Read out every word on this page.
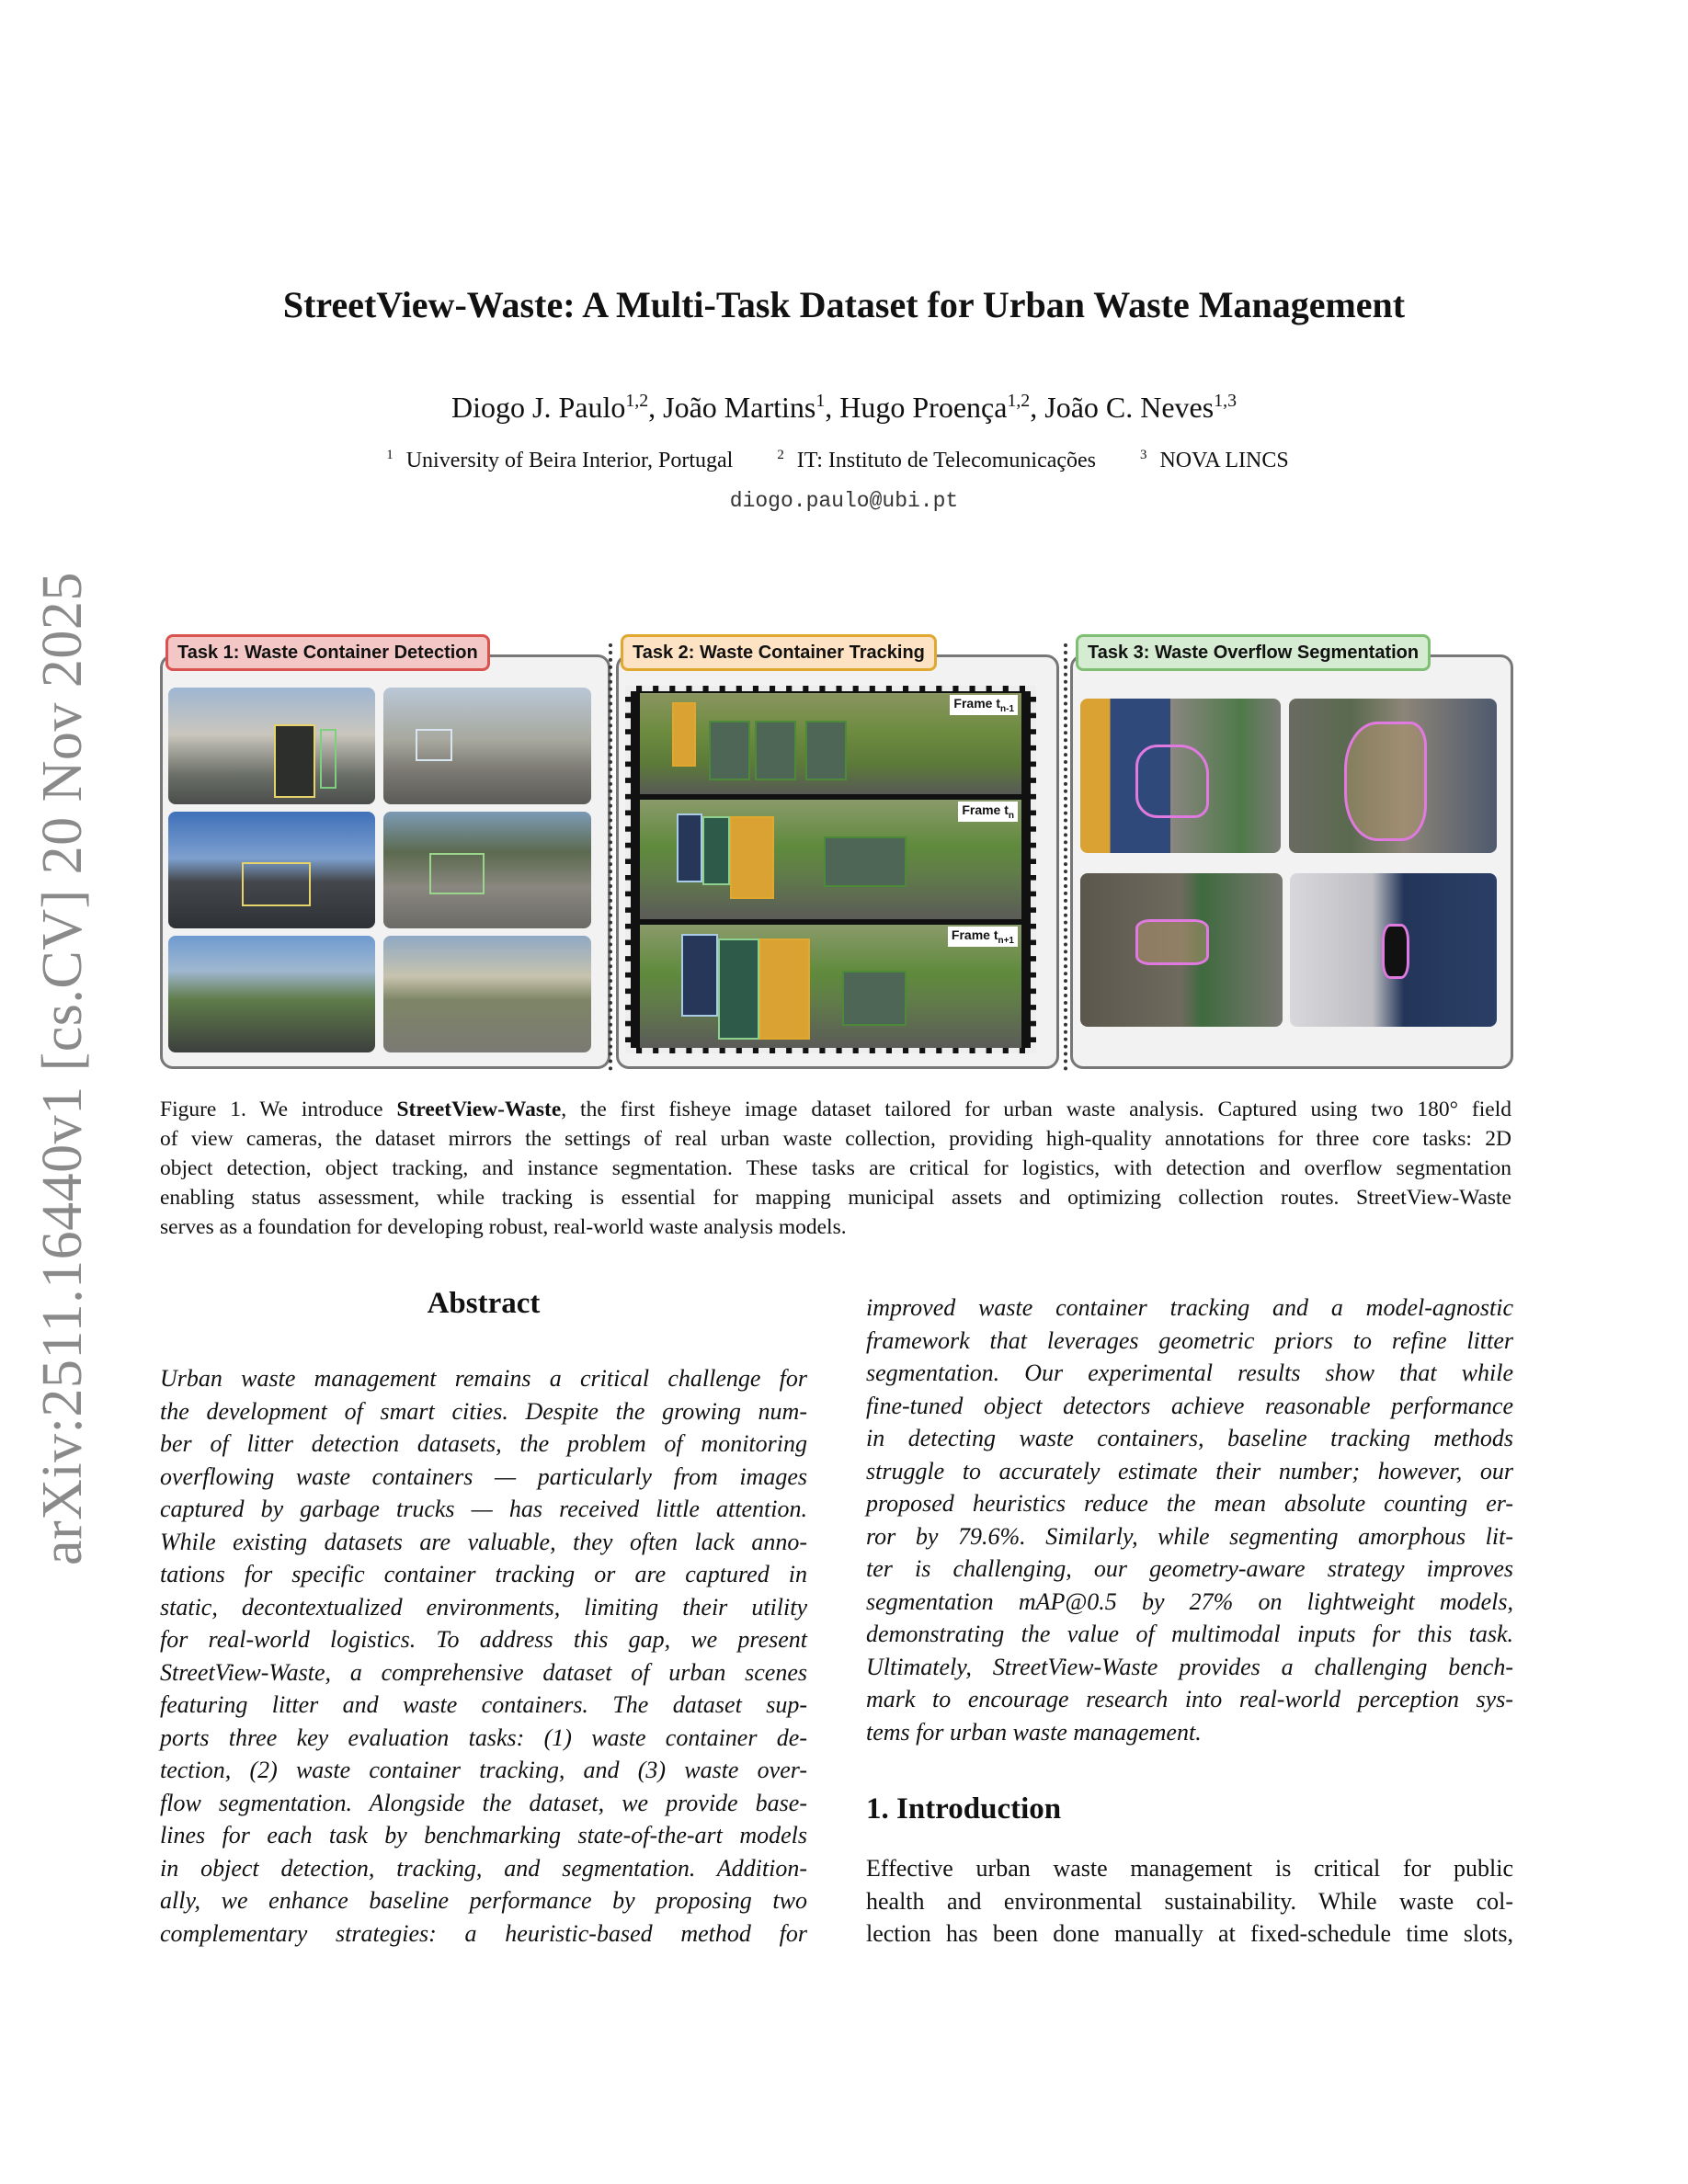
arXiv:2511.16440v1 [cs.CV] 20 Nov 2025
StreetView-Waste: A Multi-Task Dataset for Urban Waste Management
Diogo J. Paulo$^{1,2}$, João Martins$^1$, Hugo Proença$^{1,2}$, João C. Neves$^{1,3}$
$^1$ University of Beira Interior, Portugal	$^2$ IT: Instituto de Telecomunicações	$^3$ NOVA LINCS
diogo.paulo@ubi.pt
Task 1: Waste Container Detection	Task 2: Waste Container Tracking	Task 3: Waste Overflow Segmentation
Frame $t_{n-1}$
Frame $t_n$
Frame $t_{n+1}$
Figure 1. We introduce StreetView-Waste, the first fisheye image dataset tailored for urban waste analysis. Captured using two 180° field
of view cameras, the dataset mirrors the settings of real urban waste collection, providing high-quality annotations for three core tasks: 2D
object detection, object tracking, and instance segmentation. These tasks are critical for logistics, with detection and overflow segmentation
enabling status assessment, while tracking is essential for mapping municipal assets and optimizing collection routes. StreetView-Waste
serves as a foundation for developing robust, real-world waste analysis models.
Abstract
Urban waste management remains a critical challenge for
the development of smart cities. Despite the growing num-
ber of litter detection datasets, the problem of monitoring
overflowing waste containers — particularly from images
captured by garbage trucks — has received little attention.
While existing datasets are valuable, they often lack anno-
tations for specific container tracking or are captured in
static, decontextualized environments, limiting their utility
for real-world logistics. To address this gap, we present
StreetView-Waste, a comprehensive dataset of urban scenes
featuring litter and waste containers. The dataset sup-
ports three key evaluation tasks: (1) waste container de-
tection, (2) waste container tracking, and (3) waste over-
flow segmentation. Alongside the dataset, we provide base-
lines for each task by benchmarking state-of-the-art models
in object detection, tracking, and segmentation. Addition-
ally, we enhance baseline performance by proposing two
complementary strategies: a heuristic-based method for
improved waste container tracking and a model-agnostic
framework that leverages geometric priors to refine litter
segmentation. Our experimental results show that while
fine-tuned object detectors achieve reasonable performance
in detecting waste containers, baseline tracking methods
struggle to accurately estimate their number; however, our
proposed heuristics reduce the mean absolute counting er-
ror by 79.6%. Similarly, while segmenting amorphous lit-
ter is challenging, our geometry-aware strategy improves
segmentation mAP@0.5 by 27% on lightweight models,
demonstrating the value of multimodal inputs for this task.
Ultimately, StreetView-Waste provides a challenging bench-
mark to encourage research into real-world perception sys-
tems for urban waste management.
1. Introduction
Effective urban waste management is critical for public
health and environmental sustainability. While waste col-
lection has been done manually at fixed-schedule time slots,
